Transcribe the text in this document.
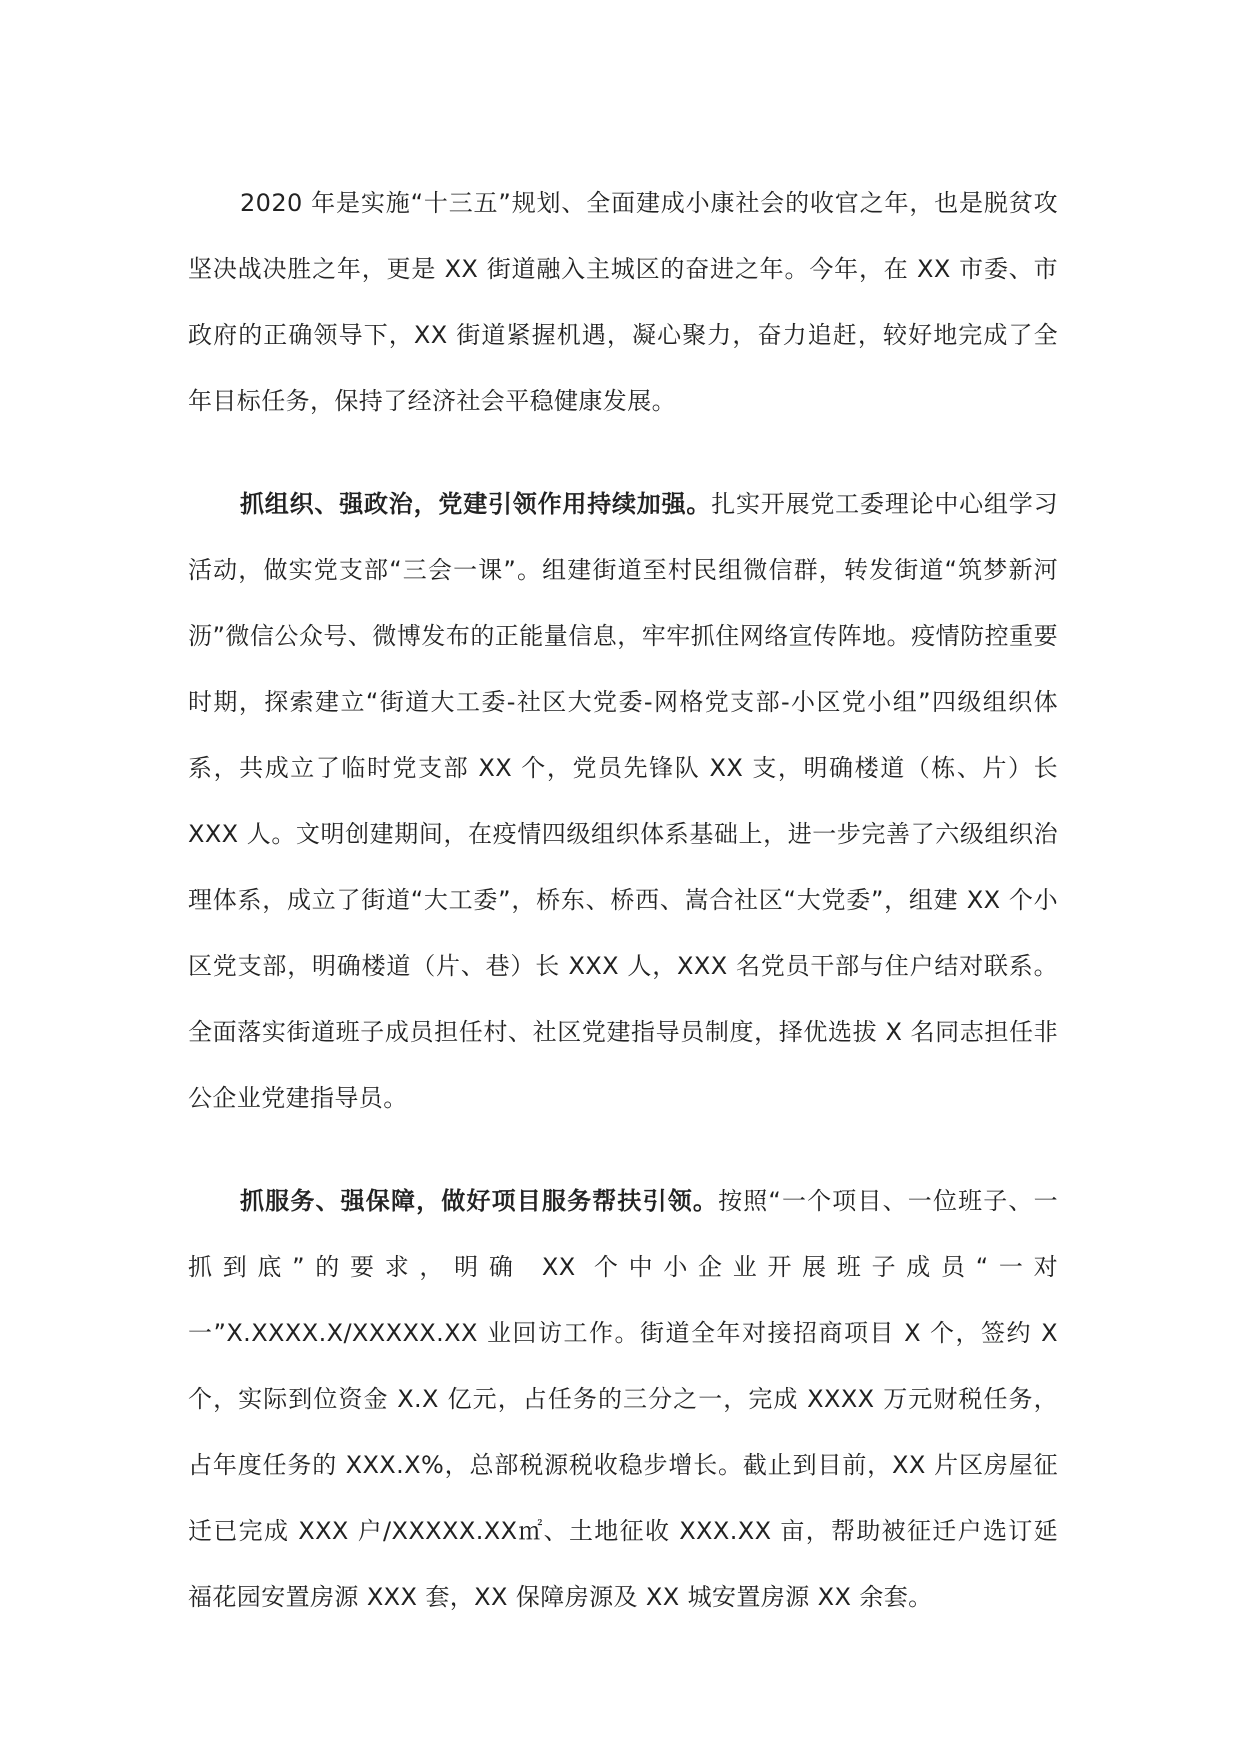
2020 年是实施“十三五”规划、全面建成小康社会的收官之年，也是脱贫攻坚决战决胜之年，更是 XX 街道融入主城区的奋进之年。今年，在 XX 市委、市政府的正确领导下，XX 街道紧握机遇，凝心聚力，奋力追赶，较好地完成了全年目标任务，保持了经济社会平稳健康发展。

抓组织、强政治，党建引领作用持续加强。扎实开展党工委理论中心组学习活动，做实党支部“三会一课”。组建街道至村民组微信群，转发街道“筑梦新河沥”微信公众号、微博发布的正能量信息，牢牢抓住网络宣传阵地。疫情防控重要时期，探索建立“街道大工委-社区大党委-网格党支部-小区党小组”四级组织体系，共成立了临时党支部 XX 个，党员先锋队 XX 支，明确楼道（栋、片）长 XXX 人。文明创建期间，在疫情四级组织体系基础上，进一步完善了六级组织治理体系，成立了街道“大工委”，桥东、桥西、嵩合社区“大党委”，组建 XX 个小区党支部，明确楼道（片、巷）长 XXX 人，XXX 名党员干部与住户结对联系。全面落实街道班子成员担任村、社区党建指导员制度，择优选拔 X 名同志担任非公企业党建指导员。

抓服务、强保障，做好项目服务帮扶引领。按照“一个项目、一位班子、一抓到底”的要求，明确 XX 个中小企业开展班子成员“一对一”X.XXXX.X/XXXXX.XX 业回访工作。街道全年对接招商项目 X 个，签约 X 个，实际到位资金 X.X 亿元，占任务的三分之一，完成 XXXX 万元财税任务，占年度任务的 XXX.X%，总部税源税收稳步增长。截止到目前，XX 片区房屋征迁已完成 XXX 户/XXXXX.XX㎡、土地征收 XXX.XX 亩，帮助被征迁户选订延福花园安置房源 XXX 套，XX 保障房源及 XX 城安置房源 XX 余套。
